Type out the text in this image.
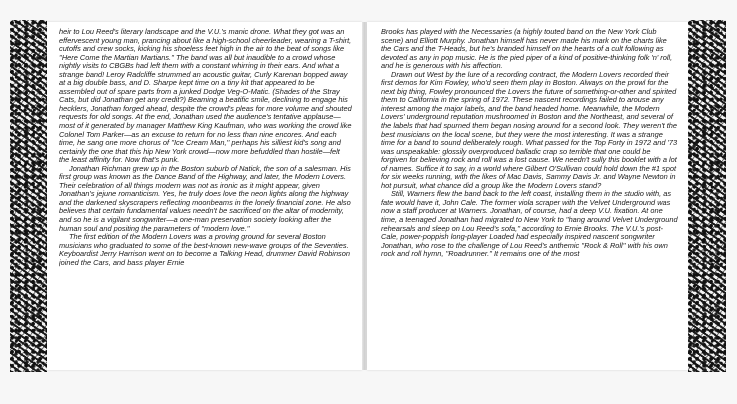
heir to Lou Reed's literary landscape and the V.U.'s manic drone. What they got was an effervescent young man, prancing about like a high-school cheerleader, wearing a T-shirt, cutoffs and crew socks, kicking his shoeless feet high in the air to the beat of songs like ''Here Come the Martian Martians.'' The band was all but inaudible to a crowd whose nightly visits to CBGBs had left them with a constant whirring in their ears. And what a strange band! Leroy Radcliffe strummed an acoustic guitar, Curly Karenan bopped away at a big double bass, and D. Sharpe kept time on a tiny kit that appeared to be assembled out of spare parts from a junked Dodge Veg-O-Matic. (Shades of the Stray Cats, but did Jonathan get any credit?) Beaming a beatific smile, declining to engage his hecklers, Jonathan forged ahead, despite the crowd's pleas for more volume and shouted requests for old songs. At the end, Jonathan used the audience's tentative applause—most of it generated by manager Matthew King Kaufman, who was working the crowd like Colonel Tom Parker—as an excuse to return for no less than nine encores. And each time, he sang one more chorus of ''Ice Cream Man,'' perhaps his silliest kid's song and certainly the one that this hip New York crowd—now more befuddled than hostile—felt the least affinity for. Now that's punk.

Jonathan Richman grew up in the Boston suburb of Natick, the son of a salesman. His first group was known as the Dance Band of the Highway, and later, the Modern Lovers. Their celebration of all things modern was not as ironic as it might appear, given Jonathan's jejune romanticism. Yes, he truly does love the neon lights along the highway and the darkened skyscrapers reflecting moonbeams in the lonely financial zone. He also believes that certain fundamental values needn't be sacrificed on the altar of modernity, and so he is a vigilant songwriter—a one-man preservation society looking after the human soul and positing the parameters of ''modern love.''

The first edition of the Modern Lovers was a proving ground for several Boston musicians who graduated to some of the best-known new-wave groups of the Seventies. Keyboardist Jerry Harrison went on to become a Talking Head, drummer David Robinson joined the Cars, and bass player Ernie

Brooks has played with the Necessaries (a highly touted band on the New York Club scene) and Elliott Murphy. Jonathan himself has never made his mark on the charts like the Cars and the T-Heads, but he's branded himself on the hearts of a cult following as devoted as any in pop music. He is the pied piper of a kind of positive-thinking folk 'n' roll, and he is generous with his affection.

Drawn out West by the lure of a recording contract, the Modern Lovers recorded their first demos for Kim Fowley, who'd seen them play in Boston. Always on the prowl for the next big thing, Fowley pronounced the Lovers the future of something-or-other and spirited them to California in the spring of 1972. These nascent recordings failed to arouse any interest among the major labels, and the band headed home. Meanwhile, the Modern Lovers' underground reputation mushroomed in Boston and the Northeast, and several of the labels that had spurned them began nosing around for a second look. They weren't the best musicians on the local scene, but they were the most interesting. It was a strange time for a band to sound deliberately rough. What passed for the Top Forty in 1972 and '73 was unspeakable: glossily overproduced balladic crap so terrible that one could be forgiven for believing rock and roll was a lost cause. We needn't sully this booklet with a lot of names. Suffice it to say, in a world where Gilbert O'Sullivan could hold down the #1 spot for six weeks running, with the likes of Mac Davis, Sammy Davis Jr. and Wayne Newton in hot pursuit, what chance did a group like the Modern Lovers stand?

Still, Warners flew the band back to the left coast, installing them in the studio with, as fate would have it, John Cale. The former viola scraper with the Velvet Underground was now a staff producer at Warners. Jonathan, of course, had a deep V.U. fixation. At one time, a teenaged Jonathan had migrated to New York to ''hang around Velvet Underground rehearsals and sleep on Lou Reed's sofa,'' according to Ernie Brooks. The V.U.'s post-Cale, power-poppish long-player Loaded had especially inspired nascent songwriter Jonathan, who rose to the challenge of Lou Reed's anthemic ''Rock & Roll'' with his own rock and roll hymn, ''Roadrunner.'' It remains one of the most
